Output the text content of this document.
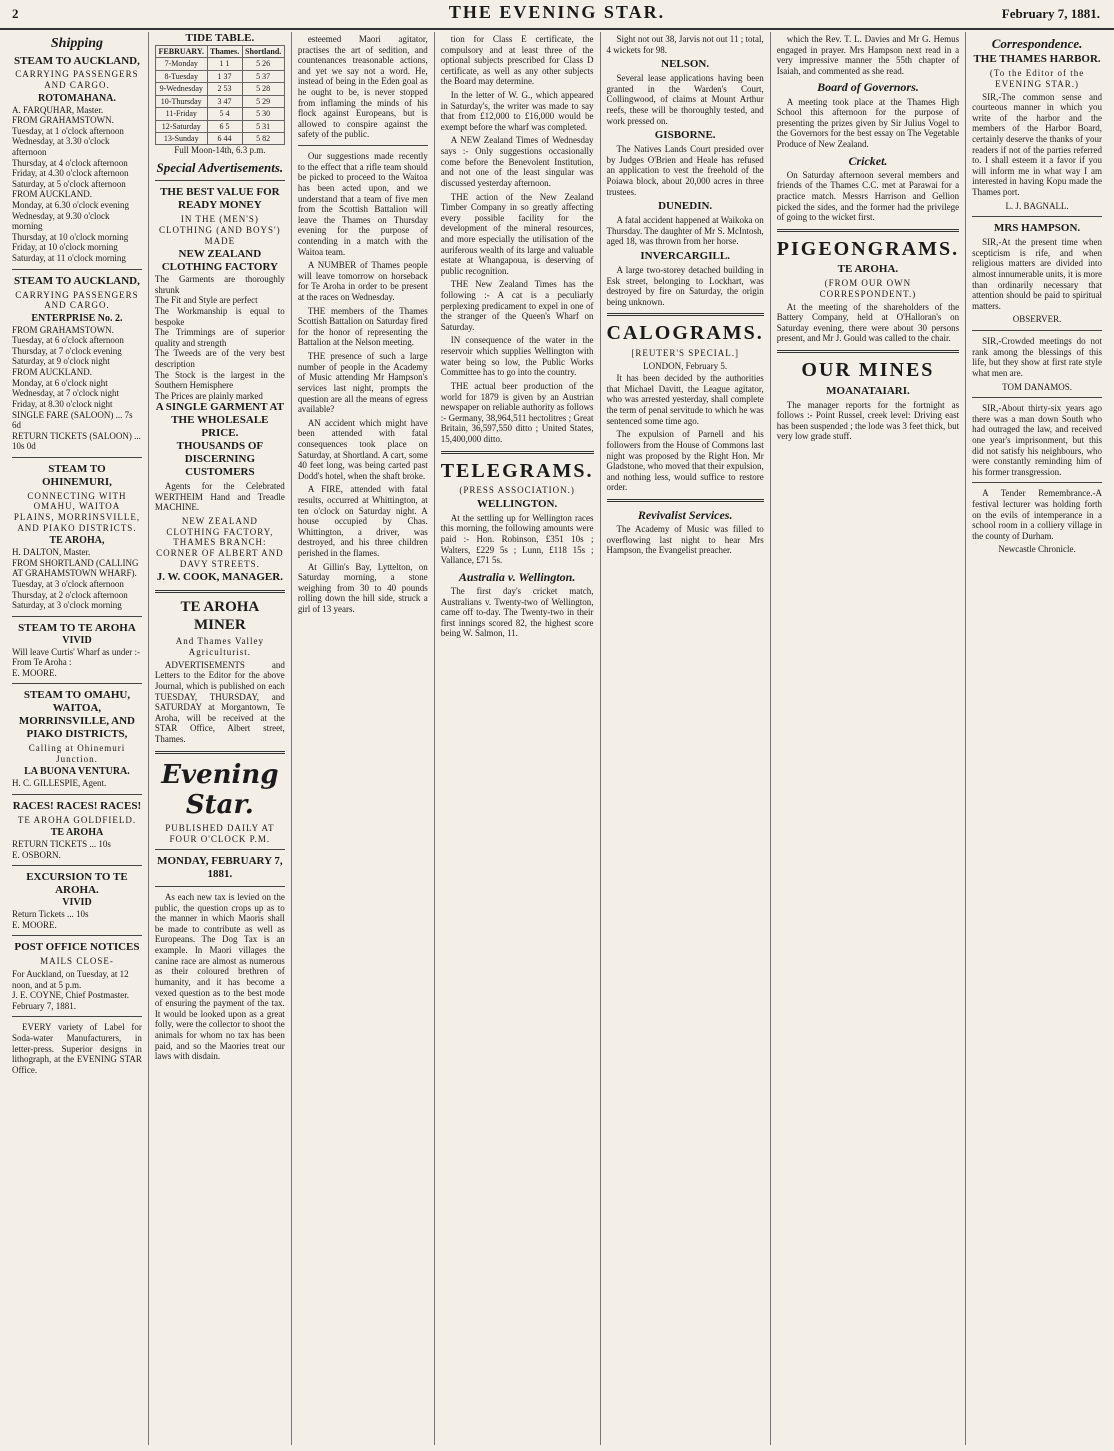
2	THE EVENING STAR.	February 7, 1881.
Shipping
STEAM TO AUCKLAND,
CARRYING PASSENGERS AND CARGO.
ROTOMAHANA.
A. FARQUHAR, Master.
FROM GRAHAMSTOWN.
Tuesday, at 1 o'clock afternoon
Wednesday, at 3.30 o'clock afternoon
Thursday, at 4 o'clock afternoon
Friday, at 4.30 o'clock afternoon
Saturday, at 5 o'clock afternoon
FROM AUCKLAND.
Monday, at 6.30 o'clock evening
Wednesday, at 9.30 o'clock morning
Thursday, at 10 o'clock morning
Friday, at 10 o'clock morning
Saturday, at 11 o'clock morning
STEAM TO AUCKLAND,
CARRYING PASSENGERS AND CARGO.
ENTERPRISE No. 2.
FROM GRAHAMSTOWN.
Tuesday, at 6 o'clock afternoon
Thursday, at 7 o'clock evening
Saturday, at 9 o'clock night
FROM AUCKLAND.
Monday, at 6 o'clock night
Wednesday, at 7 o'clock night
Friday, at 8.30 o'clock night
SINGLE FARE (SALOON) ... 7s 6d
RETURN TICKETS (SALOON) ... 10s 0d
STEAM TO OHINEMURI,
CONNECTING WITH OMAHU, WAITOA PLAINS, MORRINSVILLE, AND PIAKO DISTRICTS.
TE AROHA,
H. DALTON, Master.
FROM SHORTLAND (CALLING AT GRAHAMSTOWN WHARF).
Tuesday, at 3 o'clock afternoon
Thursday, at 2 o'clock afternoon
Saturday, at 3 o'clock morning
STEAM TO TE AROHA
VIVID
Will leave Curtis' Wharf as under :-
From Te Aroha :
E. MOORE.
STEAM TO OMAHU, WAITOA, MORRINSVILLE, AND PIAKO DISTRICTS,
Calling at Ohinemuri Junction.
LA BUONA VENTURA.
H. C. GILLESPIE, Agent.
RACES! RACES! RACES!
TE AROHA GOLDFIELD.
TE AROHA
RETURN TICKETS ... 10s
E. OSBORN.
EXCURSION TO TE AROHA.
VIVID
Return Tickets ... 10s
E. MOORE.
POST OFFICE NOTICES
MAILS CLOSE-
For Auckland, on Tuesday, at 12 noon, and at 5 p.m.
J. E. COYNE, Chief Postmaster.
February 7, 1881.
EVERY variety of Label for Soda-water Manufacturers, in letter-press. Superior designs in lithograph, at the EVENING STAR Office.
TIDE TABLE.
FEBRUARY.	Thames.	Shortland.
7-Monday	1 1	5 26
8-Tuesday	1 37	5 37
9-Wednesday	2 53	5 28
10-Thursday	3 47	5 29
11-Friday	5 4	5 30
12-Saturday	6 5	5 31
13-Sunday	6 44	5 82
Full Moon-14th, 6.3 p.m.
Special Advertisements.
THE BEST VALUE FOR READY MONEY
IN THE (MEN'S) CLOTHING (AND BOYS') MADE
NEW ZEALAND CLOTHING FACTORY
The Garments are thoroughly shrunk
The Fit and Style are perfect
The Workmanship is equal to bespoke
The Trimmings are of superior quality and strength
The Tweeds are of the very best description
The Stock is the largest in the Southern Hemisphere
The Prices are plainly marked
A SINGLE GARMENT AT THE WHOLESALE PRICE.
THOUSANDS OF DISCERNING CUSTOMERS
Agents for the Celebrated WERTHEIM Hand and Treadle MACHINE.
NEW ZEALAND CLOTHING FACTORY, THAMES BRANCH: CORNER OF ALBERT AND DAVY STREETS.
J. W. COOK, MANAGER.
TE AROHA MINER
And Thames Valley Agriculturist.
ADVERTISEMENTS and Letters to the Editor for the above Journal, which is published on each TUESDAY, THURSDAY, and SATURDAY at Morgantown, Te Aroha, will be received at the STAR Office, Albert street, Thames.
Evening Star.
PUBLISHED DAILY AT FOUR O'CLOCK P.M.
MONDAY, FEBRUARY 7, 1881.
As each new tax is levied on the public, the question crops up as to the manner in which Maoris shall be made to contribute as well as Europeans. The Dog Tax is an example. In Maori villages the canine race are almost as numerous as their coloured brethren of humanity, and it has become a vexed question as to the best mode of ensuring the payment of the tax. It would be looked upon as a great folly, were the collector to shoot the animals for whom no tax has been paid, and so the Maories treat our laws with disdain.
esteemed Maori agitator, practises the art of sedition, and countenances treasonable actions, and yet we say not a word. He, instead of being in the Eden goal as he ought to be, is never stopped from inflaming the minds of his flock against Europeans, but is allowed to conspire against the safety of the public.
Our suggestions made recently to the effect that a rifle team should be picked to proceed to the Waitoa has been acted upon, and we understand that a team of five men from the Scottish Battalion will leave the Thames on Thursday evening for the purpose of contending in a match with the Waitoa team.
A NUMBER of Thames people will leave tomorrow on horseback for Te Aroha in order to be present at the races on Wednesday.
THE members of the Thames Scottish Battalion on Saturday fired for the honor of representing the Battalion at the Nelson meeting.
THE presence of such a large number of people in the Academy of Music attending Mr Hampson's services last night, prompts the question are all the means of egress available?
AN accident which might have been attended with fatal consequences took place on Saturday, at Shortland. A cart, some 40 feet long, was being carted past Dodd's hotel, when the shaft broke.
A FIRE, attended with fatal results, occurred at Whittington, at ten o'clock on Saturday night. A house occupied by Chas. Whittington, a driver, was destroyed, and his three children perished in the flames.
At Gillin's Bay, Lyttelton, on Saturday morning, a stone weighing from 30 to 40 pounds rolling down the hill side, struck a girl of 13 years.
tion for Class E certificate, the compulsory and at least three of the optional subjects prescribed for Class D certificate, as well as any other subjects the Board may determine.
In the letter of W. G., which appeared in Saturday's, the writer was made to say that from £12,000 to £16,000 would be exempt before the wharf was completed.
A NEW Zealand Times of Wednesday says :- Only suggestions occasionally come before the Benevolent Institution, and not one of the least singular was discussed yesterday afternoon.
THE action of the New Zealand Timber Company in so greatly affecting every possible facility for the development of the mineral resources, and more especially the utilisation of the auriferous wealth of its large and valuable estate at Whangapoua, is deserving of public recognition.
THE New Zealand Times has the following :- A cat is a peculiarly perplexing predicament to expel in one of the stranger of the Queen's Wharf on Saturday.
IN consequence of the water in the reservoir which supplies Wellington with water being so low, the Public Works Committee has to go into the country.
THE actual beer production of the world for 1879 is given by an Austrian newspaper on reliable authority as follows :- Germany, 38,964,511 hectolitres ; Great Britain, 36,597,550 ditto ; United States, 15,400,000 ditto.
TELEGRAMS.
(PRESS ASSOCIATION.)
WELLINGTON.
At the settling up for Wellington races this morning, the following amounts were paid :- Hon. Robinson, £351 10s ; Walters, £229 5s ; Lunn, £118 15s ; Vallance, £71 5s.
Australia v. Wellington.
The first day's cricket match, Australians v. Twenty-two of Wellington, came off to-day. The Twenty-two in their first innings scored 82, the highest score being W. Salmon, 11.
Sight not out 38, Jarvis not out 11 ; total, 4 wickets for 98.
NELSON.
Several lease applications having been granted in the Warden's Court, Collingwood, of claims at Mount Arthur reefs, these will be thoroughly tested, and work pressed on.
GISBORNE.
The Natives Lands Court presided over by Judges O'Brien and Heale has refused an application to vest the freehold of the Poiawa block, about 20,000 acres in three trustees.
DUNEDIN.
A fatal accident happened at Waikoka on Thursday. The daughter of Mr S. McIntosh, aged 18, was thrown from her horse.
INVERCARGILL.
A large two-storey detached building in Esk street, belonging to Lockhart, was destroyed by fire on Saturday, the origin being unknown.
CALOGRAMS.
[REUTER'S SPECIAL.]
LONDON, February 5.
It has been decided by the authorities that Michael Davitt, the League agitator, who was arrested yesterday, shall complete the term of penal servitude to which he was sentenced some time ago.
The expulsion of Parnell and his followers from the House of Commons last night was proposed by the Right Hon. Mr Gladstone, who moved that their expulsion, and nothing less, would suffice to restore order.
Revivalist Services.
The Academy of Music was filled to overflowing last night to hear Mrs Hampson, the Evangelist preacher.
which the Rev. T. L. Davies and Mr G. Hemus engaged in prayer. Mrs Hampson next read in a very impressive manner the 55th chapter of Isaiah, and commented as she read.
Board of Governors.
A meeting took place at the Thames High School this afternoon for the purpose of presenting the prizes given by Sir Julius Vogel to the Governors for the best essay on The Vegetable Produce of New Zealand.
Cricket.
On Saturday afternoon several members and friends of the Thames C.C. met at Parawai for a practice match. Messrs Harrison and Gellion picked the sides, and the former had the privilege of going to the wicket first.
PIGEONGRAMS.
TE AROHA.
(FROM OUR OWN CORRESPONDENT.)
At the meeting of the shareholders of the Battery Company, held at O'Halloran's on Saturday evening, there were about 30 persons present, and Mr J. Gould was called to the chair.
OUR MINES
MOANATAIARI.
The manager reports for the fortnight as follows :- Point Russel, creek level: Driving east has been suspended ; the lode was 3 feet thick, but very low grade stuff.
Correspondence.
THE THAMES HARBOR.
(To the Editor of the EVENING STAR.)
SIR,-The common sense and courteous manner in which you write of the harbor and the members of the Harbor Board, certainly deserve the thanks of your readers if not of the parties referred to. I shall esteem it a favor if you will inform me in what way I am interested in having Kopu made the Thames port.
L. J. BAGNALL.
MRS HAMPSON.
SIR,-At the present time when scepticism is rife, and when religious matters are divided into almost innumerable units, it is more than ordinarily necessary that attention should be paid to spiritual matters.
OBSERVER.
SIR,-Crowded meetings do not rank among the blessings of this life, but they show at first rate style what men are.
TOM DANAMOS.
SIR,-About thirty-six years ago there was a man down South who had outraged the law, and received one year's imprisonment, but this did not satisfy his neighbours, who were constantly reminding him of his former transgression.
A Tender Remembrance.-A festival lecturer was holding forth on the evils of intemperance in a school room in a colliery village in the county of Durham.
Newcastle Chronicle.
